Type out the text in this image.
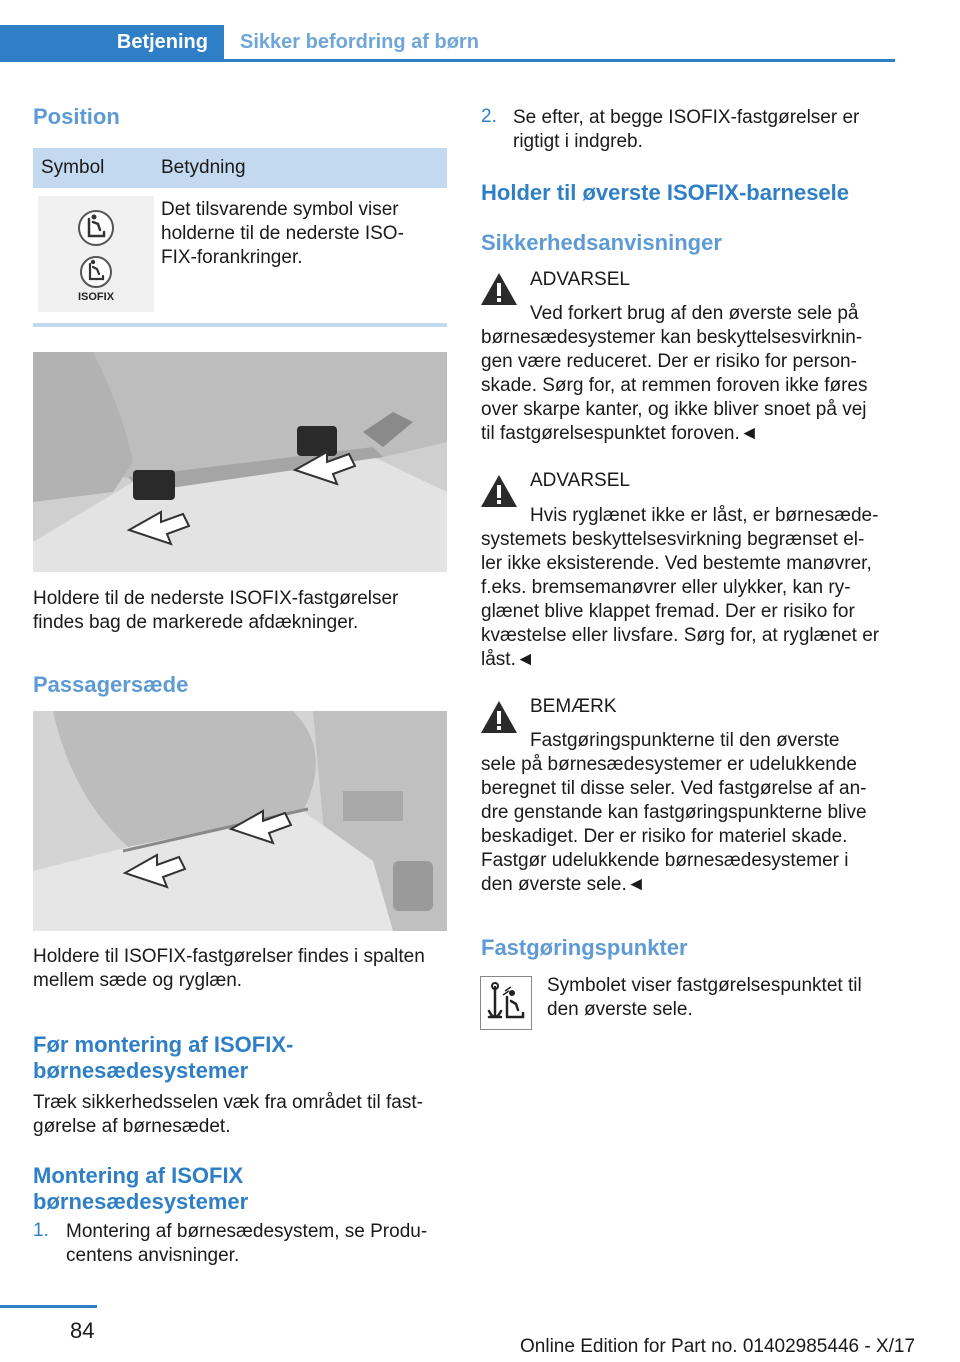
Betjening	Sikker befordring af børn
Position
Symbol	Betydning
ISOFIX
Det tilsvarende symbol viser
holderne til de nederste ISO-
FIX-forankringer.
Holdere til de nederste ISOFIX-fastgørelser
findes bag de markerede afdækninger.
Passagersæde
Holdere til ISOFIX-fastgørelser findes i spalten
mellem sæde og ryglæn.
Før montering af ISOFIX-
børnesædesystemer
Træk sikkerhedsselen væk fra området til fast-
gørelse af børnesædet.
Montering af ISOFIX
børnesædesystemer
1. Montering af børnesædesystem, se Produ-
centens anvisninger.
2. Se efter, at begge ISOFIX-fastgørelser er
rigtigt i indgreb.
Holder til øverste ISOFIX-barnesele
Sikkerhedsanvisninger
ADVARSEL
Ved forkert brug af den øverste sele på
børnesædesystemer kan beskyttelsesvirknin-
gen være reduceret. Der er risiko for person-
skade. Sørg for, at remmen foroven ikke føres
over skarpe kanter, og ikke bliver snoet på vej
til fastgørelsespunktet foroven.◄
ADVARSEL
Hvis ryglænet ikke er låst, er børnesæde-
systemets beskyttelsesvirkning begrænset el-
ler ikke eksisterende. Ved bestemte manøvrer,
f.eks. bremsemanøvrer eller ulykker, kan ry-
glænet blive klappet fremad. Der er risiko for
kvæstelse eller livsfare. Sørg for, at ryglænet er
låst.◄
BEMÆRK
Fastgøringspunkterne til den øverste
sele på børnesædesystemer er udelukkende
beregnet til disse seler. Ved fastgørelse af an-
dre genstande kan fastgøringspunkterne blive
beskadiget. Der er risiko for materiel skade.
Fastgør udelukkende børnesædesystemer i
den øverste sele.◄
Fastgøringspunkter
Symbolet viser fastgørelsespunktet til
den øverste sele.
84
Online Edition for Part no. 01402985446 - X/17
